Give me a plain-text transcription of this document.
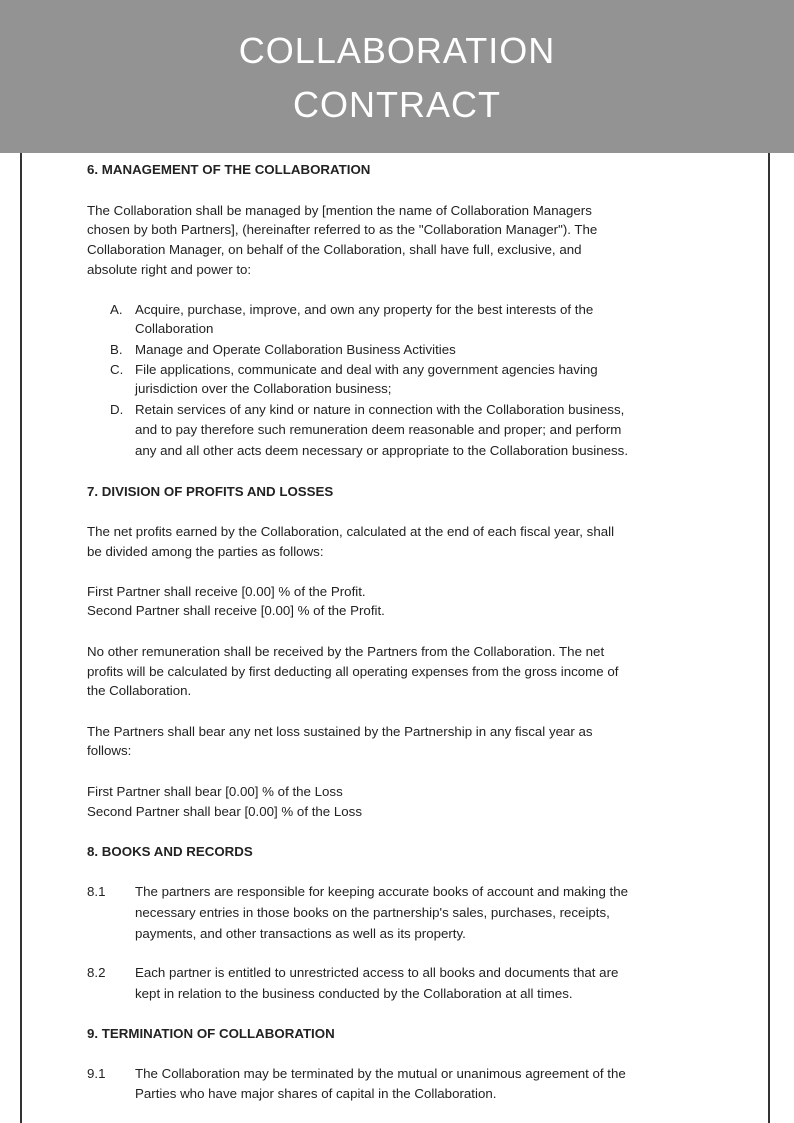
COLLABORATION
CONTRACT
6. MANAGEMENT OF THE COLLABORATION
The Collaboration shall be managed by [mention the name of Collaboration Managers
chosen by both Partners], (hereinafter referred to as the "Collaboration Manager"). The
Collaboration Manager, on behalf of the Collaboration, shall have full, exclusive, and
absolute right and power to:
A. Acquire, purchase, improve, and own any property for the best interests of the
Collaboration
B. Manage and Operate Collaboration Business Activities
C. File applications, communicate and deal with any government agencies having
jurisdiction over the Collaboration business;
D. Retain services of any kind or nature in connection with the Collaboration business,
and to pay therefore such remuneration deem reasonable and proper; and perform
any and all other acts deem necessary or appropriate to the Collaboration business.
7. DIVISION OF PROFITS AND LOSSES
The net profits earned by the Collaboration, calculated at the end of each fiscal year, shall
be divided among the parties as follows:
First Partner shall receive [0.00] % of the Profit.
Second Partner shall receive [0.00] % of the Profit.
No other remuneration shall be received by the Partners from the Collaboration. The net
profits will be calculated by first deducting all operating expenses from the gross income of
the Collaboration.
The Partners shall bear any net loss sustained by the Partnership in any fiscal year as
follows:
First Partner shall bear [0.00] % of the Loss
Second Partner shall bear [0.00] % of the Loss
8. BOOKS AND RECORDS
8.1 The partners are responsible for keeping accurate books of account and making the
necessary entries in those books on the partnership's sales, purchases, receipts,
payments, and other transactions as well as its property.
8.2 Each partner is entitled to unrestricted access to all books and documents that are
kept in relation to the business conducted by the Collaboration at all times.
9. TERMINATION OF COLLABORATION
9.1 The Collaboration may be terminated by the mutual or unanimous agreement of the
Parties who have major shares of capital in the Collaboration.
